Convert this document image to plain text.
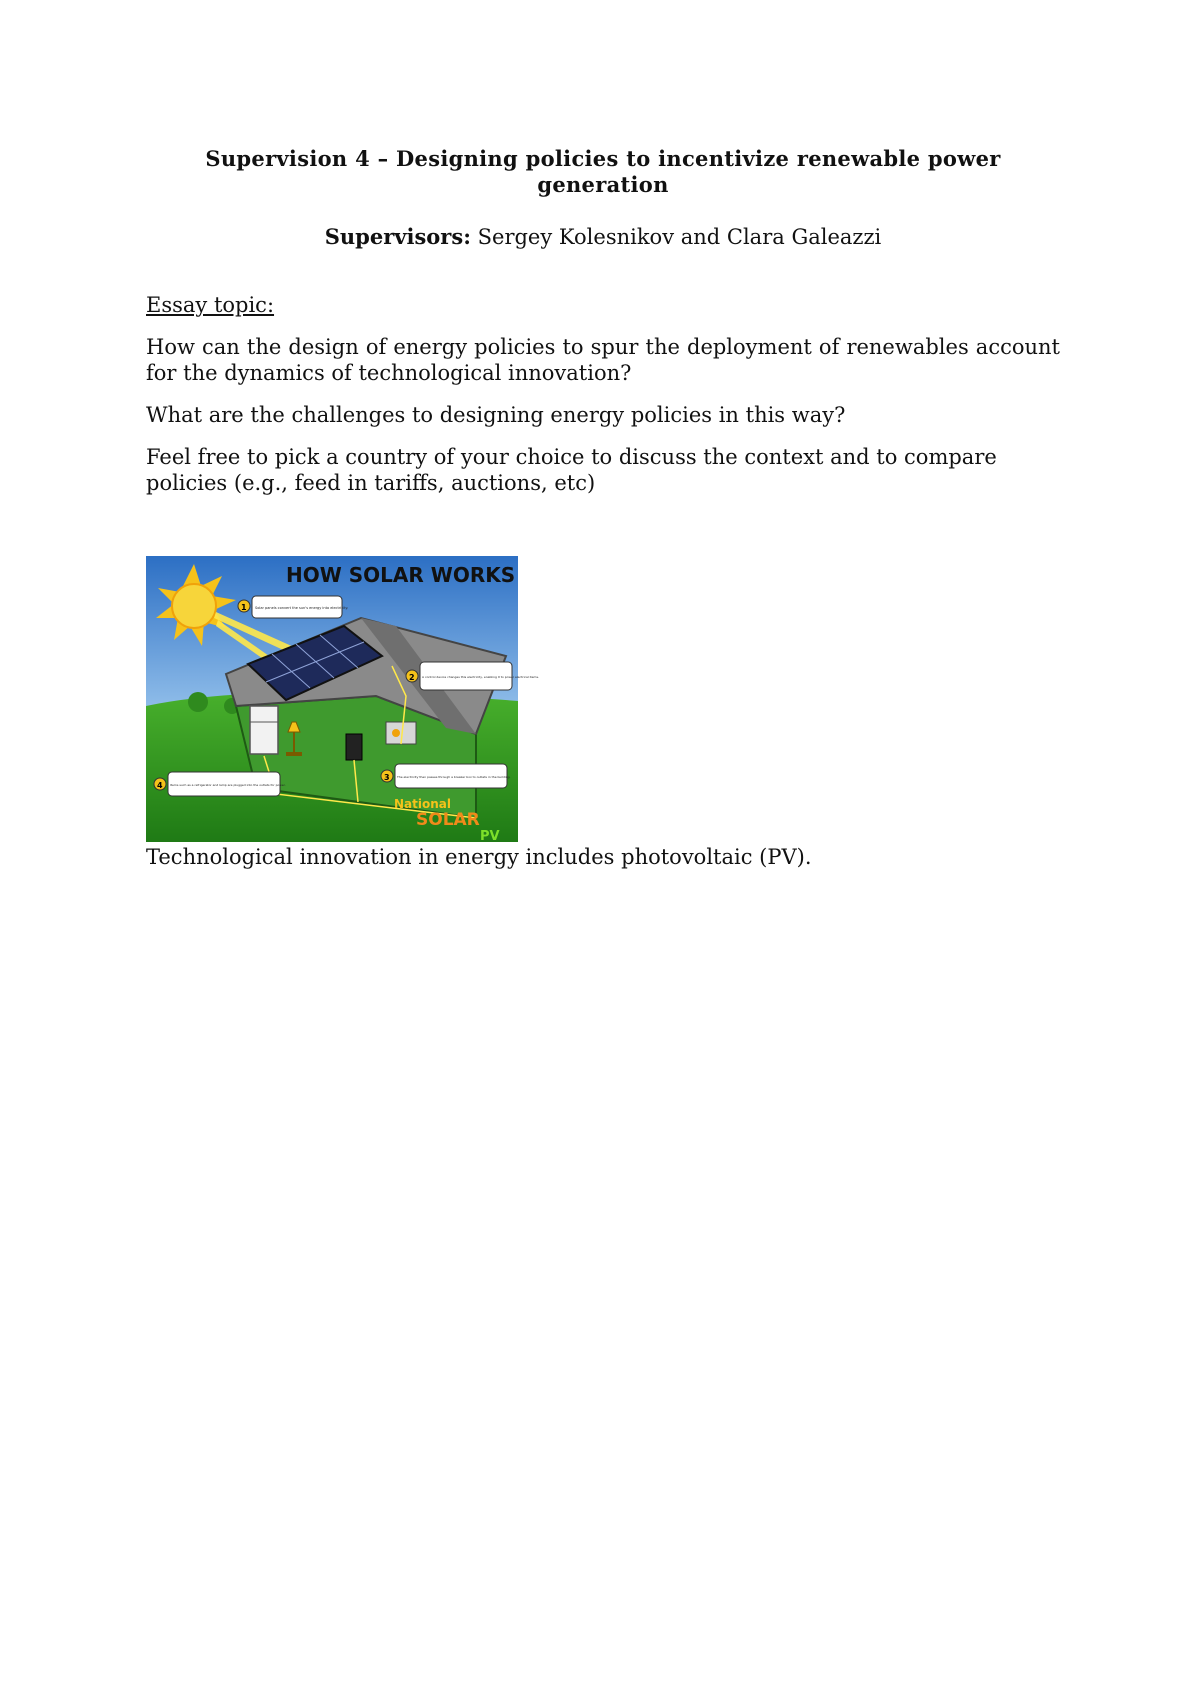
Supervision 4 – Designing policies to incentivize renewable power generation
Supervisors: Sergey Kolesnikov and Clara Galeazzi
Essay topic:
How can the design of energy policies to spur the deployment of renewables account for the dynamics of technological innovation?
What are the challenges to designing energy policies in this way?
Feel free to pick a country of your choice to discuss the context and to compare policies (e.g., feed in tariffs, auctions, etc)
HOW SOLAR WORKS
1 Solar panels convert the sun's energy into electricity.
2 A control device changes this electricity, enabling it to power electrical items.
3	The electricity then passes through a breaker box to outlets in the building.
4 Items such as a refrigerator and lamp are plugged into the outlets for power.
National
SOLAR
PV
Technological innovation in energy includes photovoltaic (PV).
